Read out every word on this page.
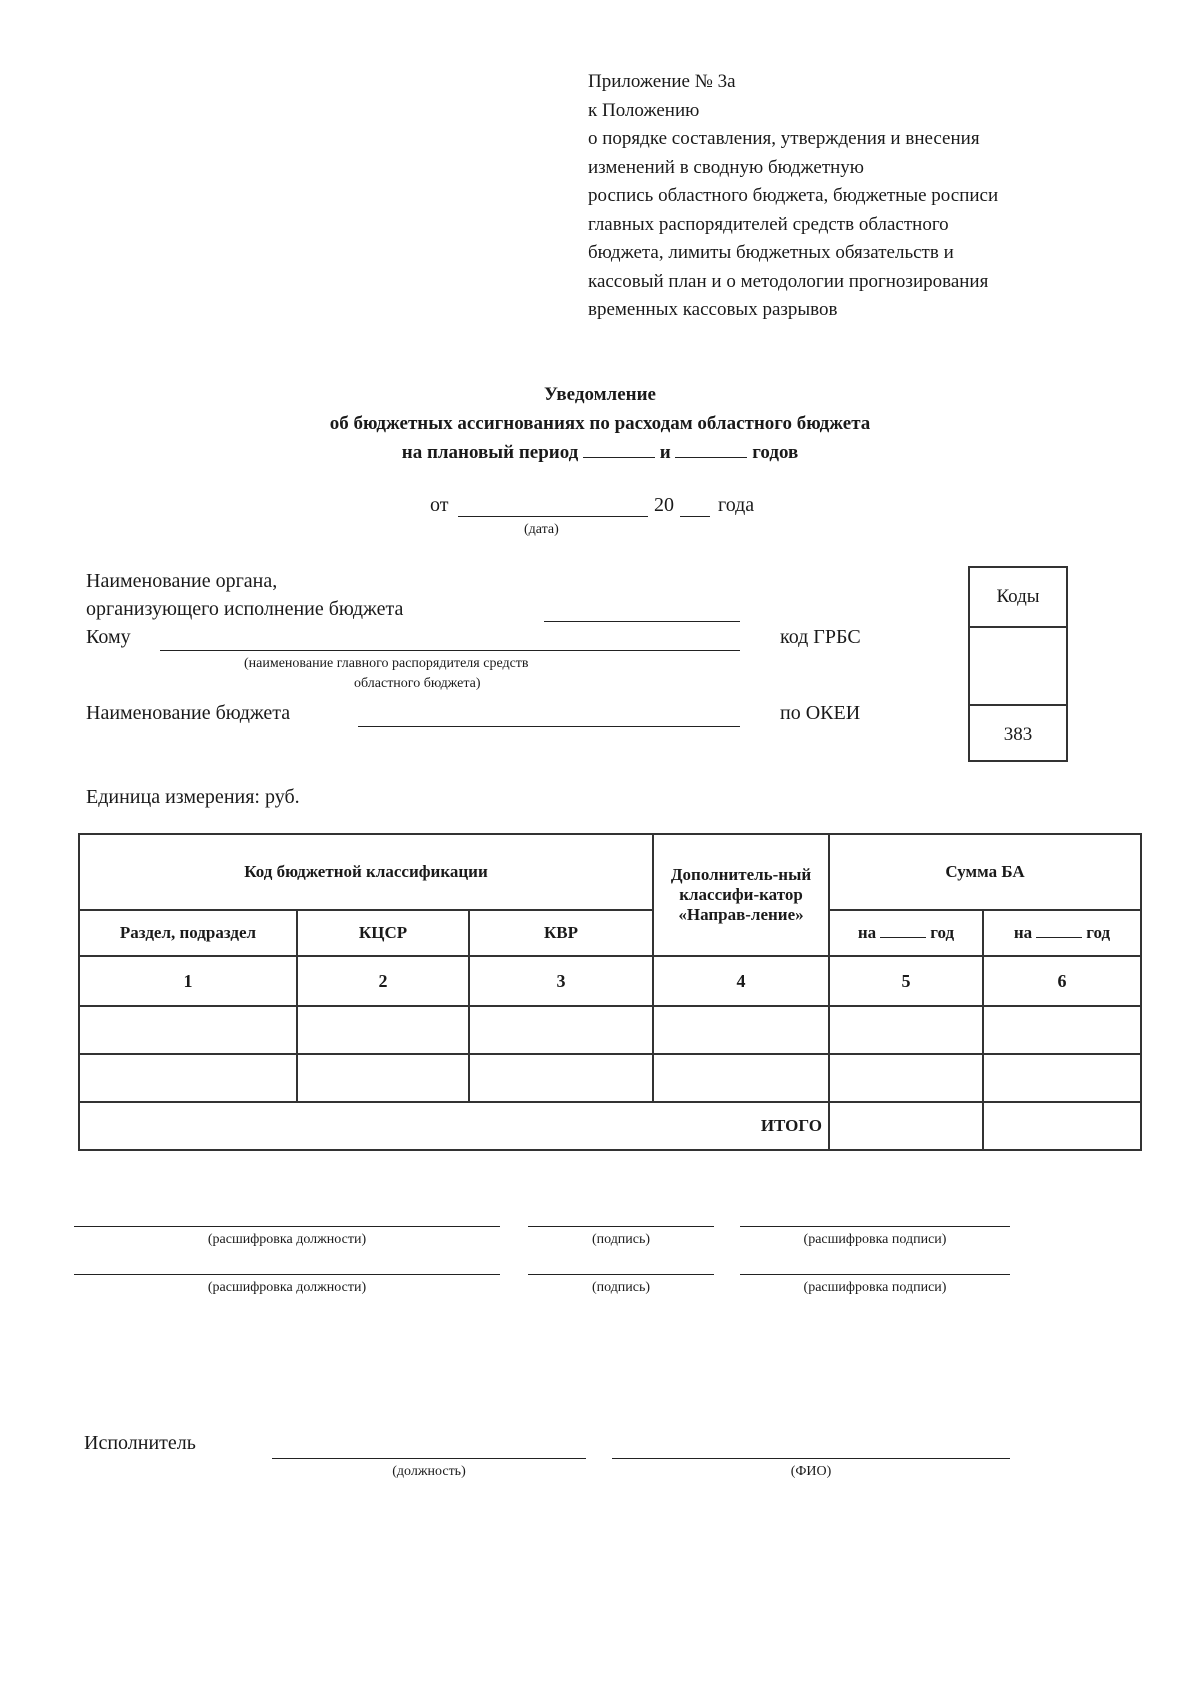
Приложение № 3а
к Положению
о порядке составления, утверждения и внесения
изменений в сводную бюджетную
роспись областного бюджета, бюджетные росписи
главных распорядителей средств областного
бюджета, лимиты бюджетных обязательств и
кассовый план и о методологии прогнозирования
временных кассовых разрывов
Уведомление
об бюджетных ассигнованиях по расходам областного бюджета
на плановый период	и	годов
от	20 года
(дата)
Наименование органа,
организующего исполнение бюджета
Кому
(наименование главного распорядителя средств
областного бюджета)
Наименование бюджета
код ГРБС
по ОКЕИ
Коды
383
Единица измерения: руб.
Код бюджетной классификации			Дополнитель-ный классифи-катор «Направ-ление»	Сумма БА	
Раздел, подраздел	КЦСР	КВР		на год	на год
1	2	3	4	5	6

ИТОГО					
(расшифровка должности)	(подпись)	(расшифровка подписи)
(расшифровка должности)	(подпись)	(расшифровка подписи)
Исполнитель
(должность)	(ФИО)
